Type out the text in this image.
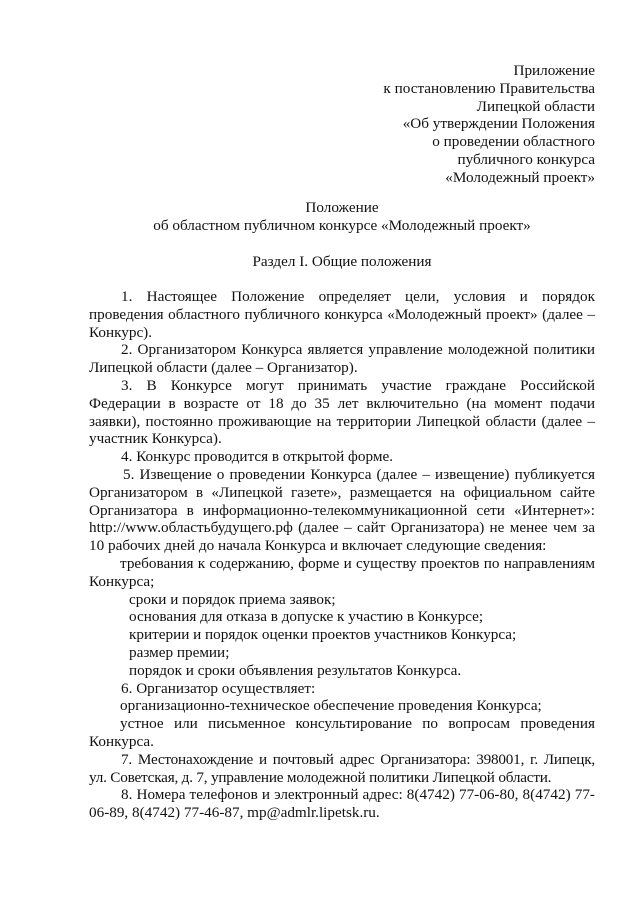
Приложение
к постановлению Правительства
Липецкой области
«Об утверждении Положения
о проведении областного
публичного конкурса
«Молодежный проект»
Положение
об областном публичном конкурсе «Молодежный проект»
Раздел I. Общие положения

1. Настоящее Положение определяет цели, условия и порядок проведения областного публичного конкурса «Молодежный проект» (далее – Конкурс).

2. Организатором Конкурса является управление молодежной политики Липецкой области (далее – Организатор).

3. В Конкурсе могут принимать участие граждане Российской Федерации в возрасте от 18 до 35 лет включительно (на момент подачи заявки), постоянно проживающие на территории Липецкой области (далее – участник Конкурса).

4. Конкурс проводится в открытой форме.

5. Извещение о проведении Конкурса (далее – извещение) публикуется Организатором в «Липецкой газете», размещается на официальном сайте Организатора в информационно-телекоммуникационной сети «Интернет»: http://www.областьбудущего.рф (далее – сайт Организатора) не менее чем за 10 рабочих дней до начала Конкурса и включает следующие сведения:

требования к содержанию, форме и существу проектов по направлениям Конкурса;

сроки и порядок приема заявок;

основания для отказа в допуске к участию в Конкурсе;

критерии и порядок оценки проектов участников Конкурса;

размер премии;

порядок и сроки объявления результатов Конкурса.

6. Организатор осуществляет:

организационно-техническое обеспечение проведения Конкурса;

устное или письменное консультирование по вопросам проведения Конкурса.

7. Местонахождение и почтовый адрес Организатора: 398001, г. Липецк, ул. Советская, д. 7, управление молодежной политики Липецкой области.

8. Номера телефонов и электронный адрес: 8(4742) 77-06-80, 8(4742) 77-06-89, 8(4742) 77-46-87, mp@admlr.lipetsk.ru.
